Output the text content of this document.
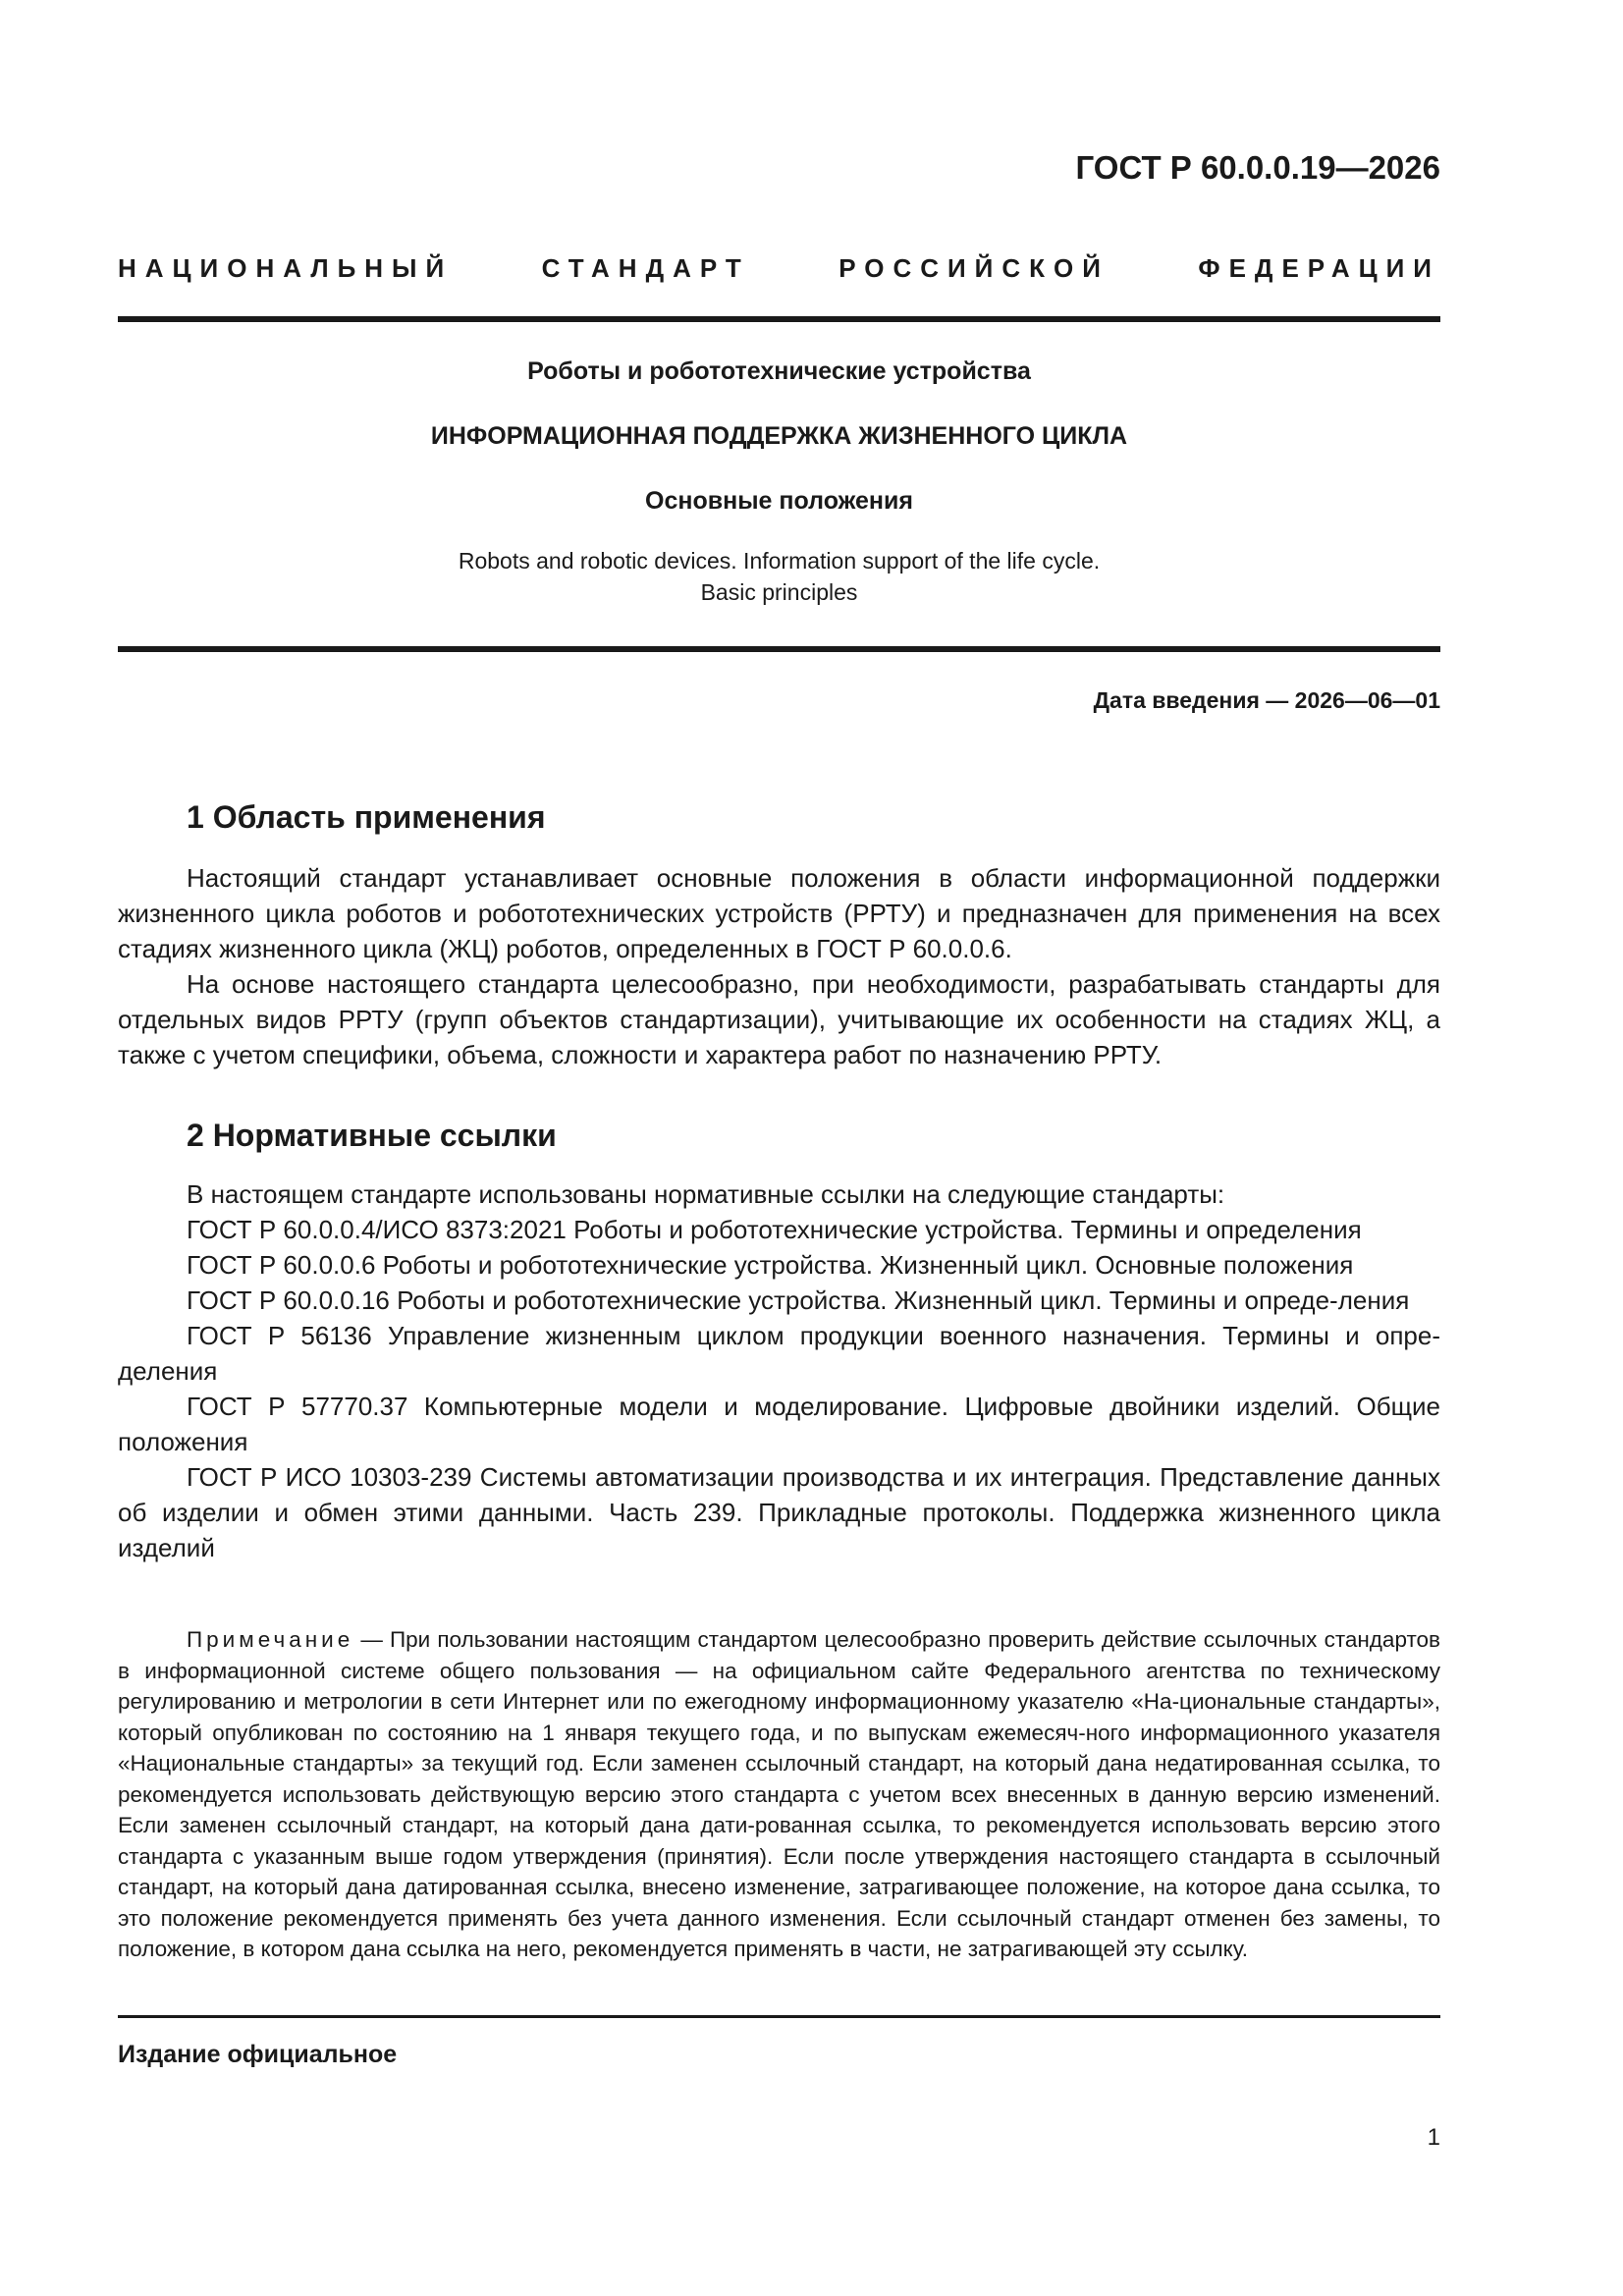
ГОСТ Р 60.0.0.19—2026
НАЦИОНАЛЬНЫЙ СТАНДАРТ РОССИЙСКОЙ ФЕДЕРАЦИИ
Роботы и робототехнические устройства
ИНФОРМАЦИОННАЯ ПОДДЕРЖКА ЖИЗНЕННОГО ЦИКЛА
Основные положения
Robots and robotic devices. Information support of the life cycle.
Basic principles
Дата введения — 2026—06—01
1 Область применения

Настоящий стандарт устанавливает основные положения в области информационной поддержки жизненного цикла роботов и робототехнических устройств (РРТУ) и предназначен для применения на всех стадиях жизненного цикла (ЖЦ) роботов, определенных в ГОСТ Р 60.0.0.6.

На основе настоящего стандарта целесообразно, при необходимости, разрабатывать стандарты для отдельных видов РРТУ (групп объектов стандартизации), учитывающие их особенности на стадиях ЖЦ, а также с учетом специфики, объема, сложности и характера работ по назначению РРТУ.

2 Нормативные ссылки

В настоящем стандарте использованы нормативные ссылки на следующие стандарты:

ГОСТ Р 60.0.0.4/ИСО 8373:2021 Роботы и робототехнические устройства. Термины и определения

ГОСТ Р 60.0.0.6 Роботы и робототехнические устройства. Жизненный цикл. Основные положения

ГОСТ Р 60.0.0.16 Роботы и робототехнические устройства. Жизненный цикл. Термины и опреде-ления

ГОСТ Р 56136 Управление жизненным циклом продукции военного назначения. Термины и опре-деления

ГОСТ Р 57770.37 Компьютерные модели и моделирование. Цифровые двойники изделий. Общие положения

ГОСТ Р ИСО 10303-239 Системы автоматизации производства и их интеграция. Представление данных об изделии и обмен этими данными. Часть 239. Прикладные протоколы. Поддержка жизненного цикла изделий

Примечание — При пользовании настоящим стандартом целесообразно проверить действие ссылочных стандартов в информационной системе общего пользования — на официальном сайте Федерального агентства по техническому регулированию и метрологии в сети Интернет или по ежегодному информационному указателю «На-циональные стандарты», который опубликован по состоянию на 1 января текущего года, и по выпускам ежемесяч-ного информационного указателя «Национальные стандарты» за текущий год. Если заменен ссылочный стандарт, на который дана недатированная ссылка, то рекомендуется использовать действующую версию этого стандарта с учетом всех внесенных в данную версию изменений. Если заменен ссылочный стандарт, на который дана дати-рованная ссылка, то рекомендуется использовать версию этого стандарта с указанным выше годом утверждения (принятия). Если после утверждения настоящего стандарта в ссылочный стандарт, на который дана датированная ссылка, внесено изменение, затрагивающее положение, на которое дана ссылка, то это положение рекомендуется применять без учета данного изменения. Если ссылочный стандарт отменен без замены, то положение, в котором дана ссылка на него, рекомендуется применять в части, не затрагивающей эту ссылку.

Издание официальное
1
